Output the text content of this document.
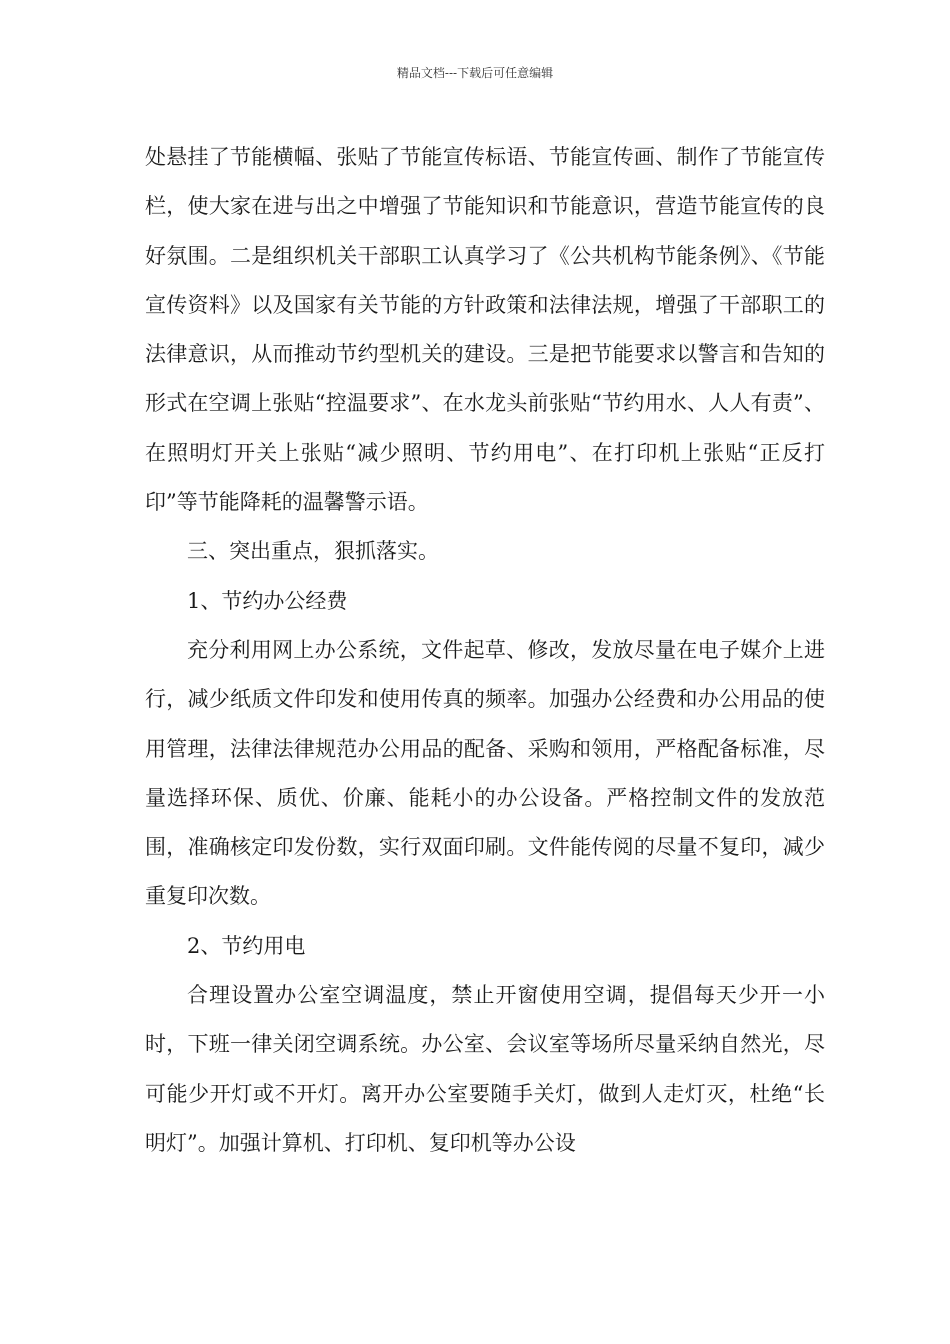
精品文档---下载后可任意编辑

处悬挂了节能横幅、张贴了节能宣传标语、节能宣传画、制作了节能宣传栏，使大家在进与出之中增强了节能知识和节能意识，营造节能宣传的良好氛围。二是组织机关干部职工认真学习了《公共机构节能条例》、《节能宣传资料》以及国家有关节能的方针政策和法律法规，增强了干部职工的法律意识，从而推动节约型机关的建设。三是把节能要求以警言和告知的形式在空调上张贴“控温要求”、在水龙头前张贴“节约用水、人人有责”、在照明灯开关上张贴“减少照明、节约用电”、在打印机上张贴“正反打印”等节能降耗的温馨警示语。

三、突出重点，狠抓落实。

1、节约办公经费

充分利用网上办公系统，文件起草、修改，发放尽量在电子媒介上进行，减少纸质文件印发和使用传真的频率。加强办公经费和办公用品的使用管理，法律法律规范办公用品的配备、采购和领用，严格配备标准，尽量选择环保、质优、价廉、能耗小的办公设备。严格控制文件的发放范围，准确核定印发份数，实行双面印刷。文件能传阅的尽量不复印，减少重复印次数。

2、节约用电

合理设置办公室空调温度，禁止开窗使用空调，提倡每天少开一小时，下班一律关闭空调系统。办公室、会议室等场所尽量采纳自然光，尽可能少开灯或不开灯。离开办公室要随手关灯，做到人走灯灭，杜绝“长明灯”。加强计算机、打印机、复印机等办公设
